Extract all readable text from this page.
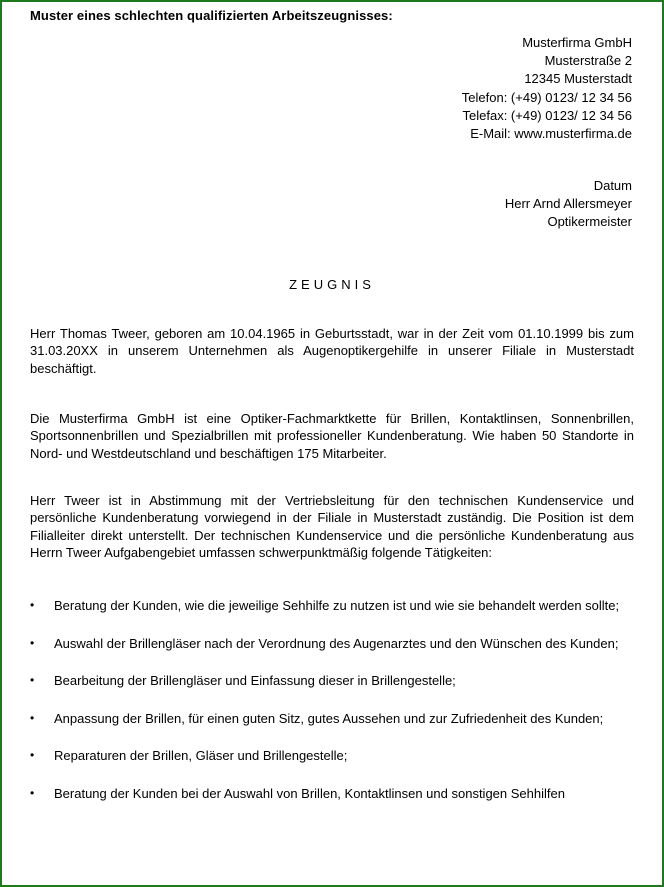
Muster eines schlechten qualifizierten Arbeitszeugnisses:
Musterfirma GmbH
Musterstraße 2
12345 Musterstadt
Telefon: (+49) 0123/ 12 34 56
Telefax: (+49) 0123/ 12 34 56
E-Mail: www.musterfirma.de
Datum
Herr Arnd Allersmeyer
Optikermeister
ZEUGNIS

Herr Thomas Tweer, geboren am 10.04.1965 in Geburtsstadt, war in der Zeit vom 01.10.1999 bis zum 31.03.20XX in unserem Unternehmen als Augenoptikergehilfe in unserer Filiale in Musterstadt beschäftigt.

Die Musterfirma GmbH ist eine Optiker-Fachmarktkette für Brillen, Kontaktlinsen, Sonnenbrillen, Sportsonnenbrillen und Spezialbrillen mit professioneller Kundenberatung. Wie haben 50 Standorte in Nord- und Westdeutschland und beschäftigen 175 Mitarbeiter.

Herr Tweer ist in Abstimmung mit der Vertriebsleitung für den technischen Kundenservice und persönliche Kundenberatung vorwiegend in der Filiale in Musterstadt zuständig. Die Position ist dem Filialleiter direkt unterstellt. Der technischen Kundenservice und die persönliche Kundenberatung aus Herrn Tweer Aufgabengebiet umfassen schwerpunktmäßig folgende Tätigkeiten:

• Beratung der Kunden, wie die jeweilige Sehhilfe zu nutzen ist und wie sie behandelt werden sollte;
• Auswahl der Brillengläser nach der Verordnung des Augenarztes und den Wünschen des Kunden;
• Bearbeitung der Brillengläser und Einfassung dieser in Brillengestelle;
• Anpassung der Brillen, für einen guten Sitz, gutes Aussehen und zur Zufriedenheit des Kunden;
• Reparaturen der Brillen, Gläser und Brillengestelle;
• Beratung der Kunden bei der Auswahl von Brillen, Kontaktlinsen und sonstigen Sehhilfen
